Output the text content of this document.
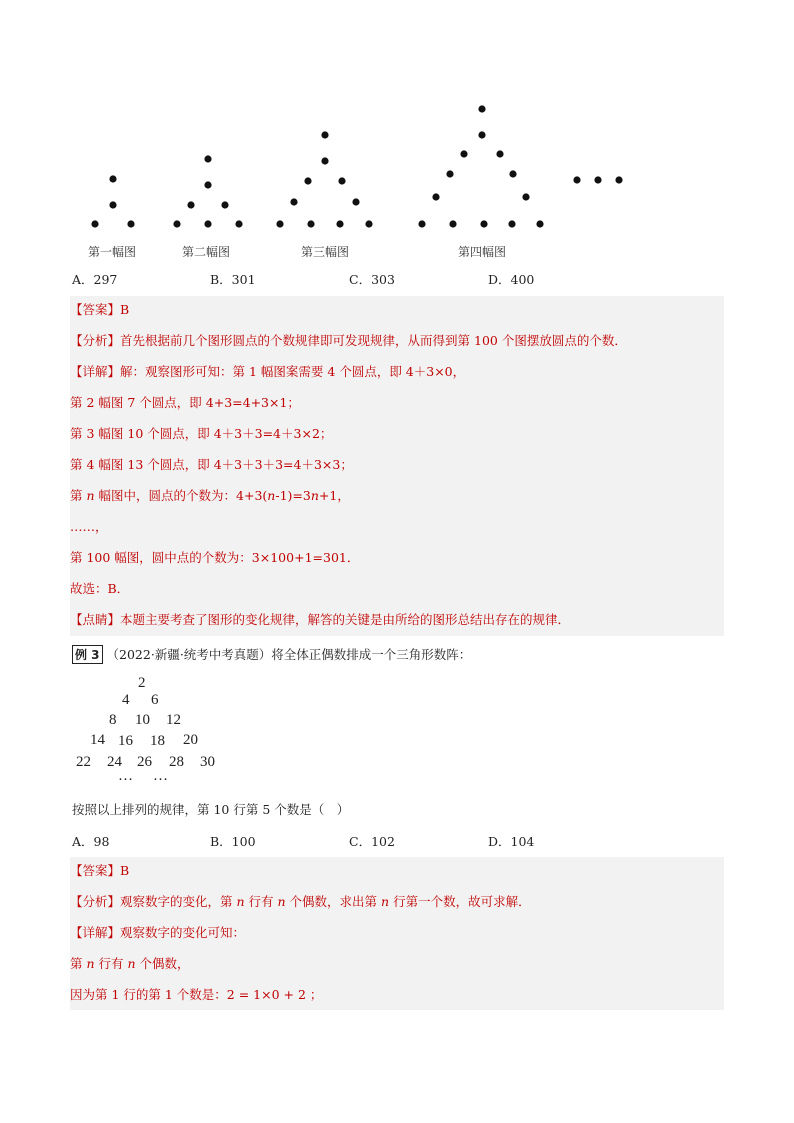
第一幅图	第二幅图	第三幅图	第四幅图
A．297	B．301	C．303	D．400
【答案】B
【分析】首先根据前几个图形圆点的个数规律即可发现规律，从而得到第 100 个图摆放圆点的个数．
【详解】解：观察图形可知：第 1 幅图案需要 4 个圆点，即 4＋3×0，
第 2 幅图 7 个圆点，即 4+3=4+3×1；
第 3 幅图 10 个圆点，即 4＋3＋3=4＋3×2；
第 4 幅图 13 个圆点，即 4＋3＋3＋3=4＋3×3；
第 n 幅图中，圆点的个数为：4+3(n-1)=3n+1，
……，
第 100 幅图，圆中点的个数为：3×100+1=301．
故选：B．
【点睛】本题主要考查了图形的变化规律，解答的关键是由所给的图形总结出存在的规律．
例 3 （2022·新疆·统考中考真题）将全体正偶数排成一个三角形数阵：
2
4 6
8 10 12
14 16 18 20
22 24 26 28 30
… …
按照以上排列的规律，第 10 行第 5 个数是（　）
A．98	B．100	C．102	D．104
【答案】B
【分析】观察数字的变化，第 n 行有 n 个偶数，求出第 n 行第一个数，故可求解．
【详解】观察数字的变化可知：
第 n 行有 n 个偶数，
因为第 1 行的第 1 个数是：2 = 1×0 + 2 ；
